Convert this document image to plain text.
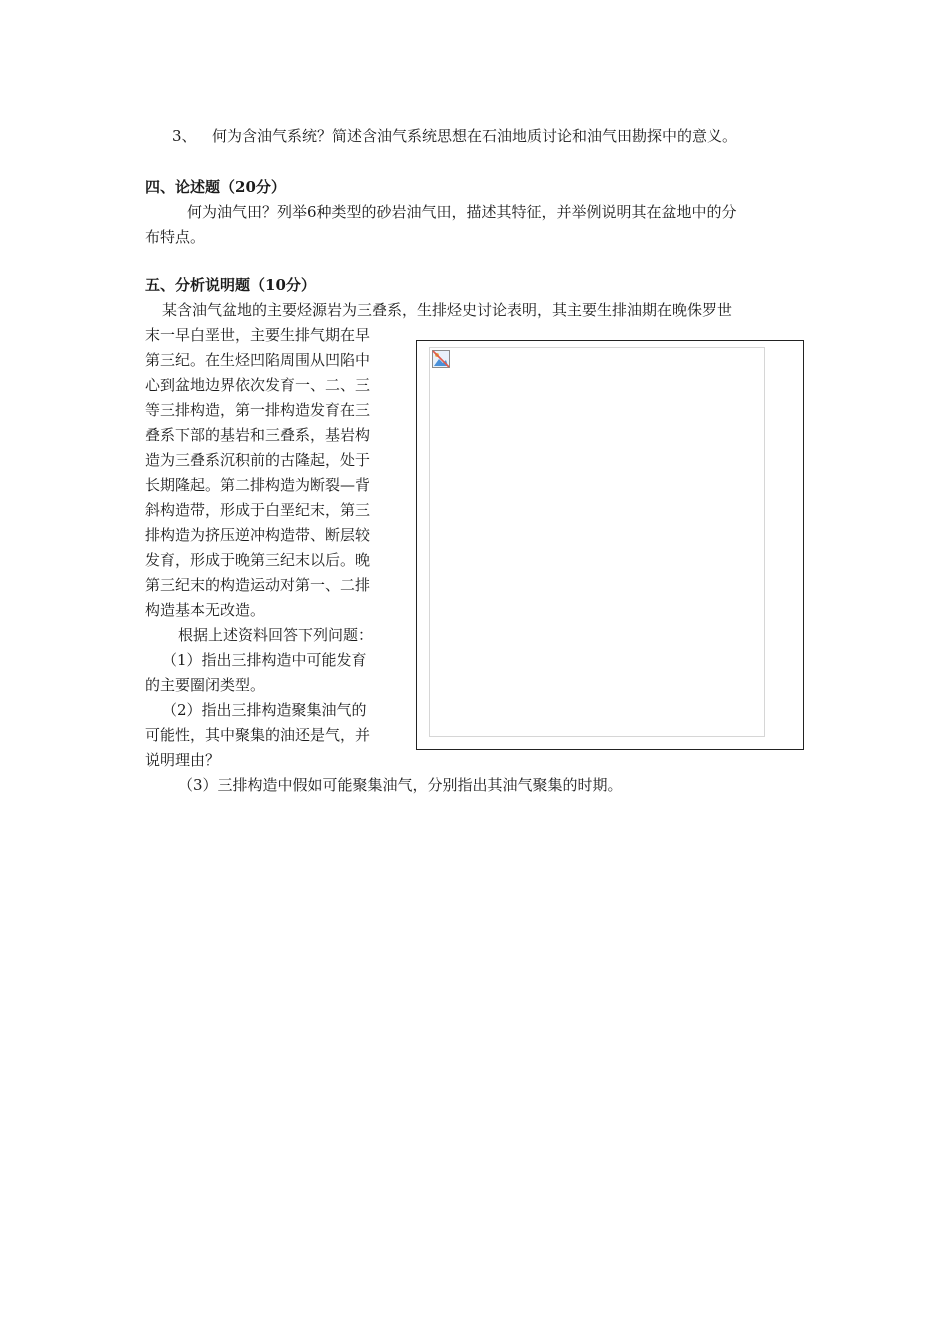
3、 何为含油气系统？简述含油气系统思想在石油地质讨论和油气田勘探中的意义。
四、论述题（20分）
何为油气田？列举6种类型的砂岩油气田，描述其特征，并举例说明其在盆地中的分
布特点。
五、分析说明题（10分）
某含油气盆地的主要烃源岩为三叠系，生排烃史讨论表明，其主要生排油期在晚侏罗世
末一早白垩世，主要生排气期在早
第三纪。在生烃凹陷周围从凹陷中
心到盆地边界依次发育一、二、三
等三排构造，第一排构造发育在三
叠系下部的基岩和三叠系，基岩构
造为三叠系沉积前的古隆起，处于
长期隆起。第二排构造为断裂—背
斜构造带，形成于白垩纪末，第三
排构造为挤压逆冲构造带、断层较
发育，形成于晚第三纪末以后。晚
第三纪末的构造运动对第一、二排
构造基本无改造。
根据上述资料回答下列问题：
（1）指出三排构造中可能发育
的主要圈闭类型。
（2）指出三排构造聚集油气的
可能性，其中聚集的油还是气，并
说明理由？
（3）三排构造中假如可能聚集油气，分别指出其油气聚集的时期。
